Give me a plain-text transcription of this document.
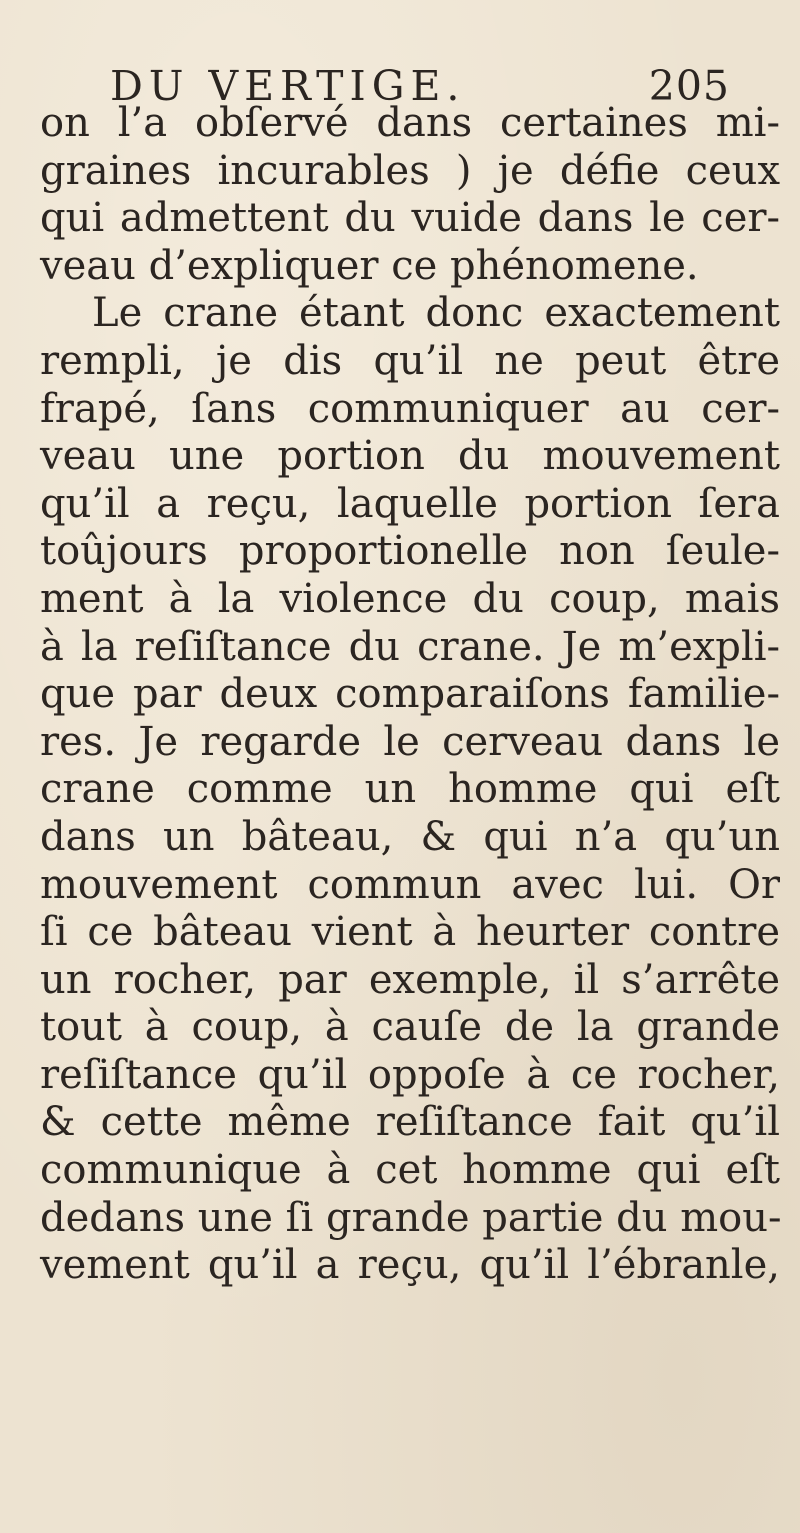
DU VERTIGE.	205
on l’a obſervé dans certaines mi-
graines incurables ) je défie ceux
qui admettent du vuide dans le cer-
veau d’expliquer ce phénomene.
Le crane étant donc exactement
rempli, je dis qu’il ne peut être
frapé, ſans communiquer au cer-
veau une portion du mouvement
qu’il a reçu, laquelle portion ſera
toûjours proportionelle non ſeule-
ment à la violence du coup, mais
à la reſiſtance du crane. Je m’expli-
que par deux comparaiſons familie-
res. Je regarde le cerveau dans le
crane comme un homme qui eſt
dans un bâteau, & qui n’a qu’un
mouvement commun avec lui. Or
ſi ce bâteau vient à heurter contre
un rocher, par exemple, il s’arrête
tout à coup, à cauſe de la grande
reſiſtance qu’il oppoſe à ce rocher,
& cette même reſiſtance fait qu’il
communique à cet homme qui eſt
dedans une ſi grande partie du mou-
vement qu’il a reçu, qu’il l’ébranle,
